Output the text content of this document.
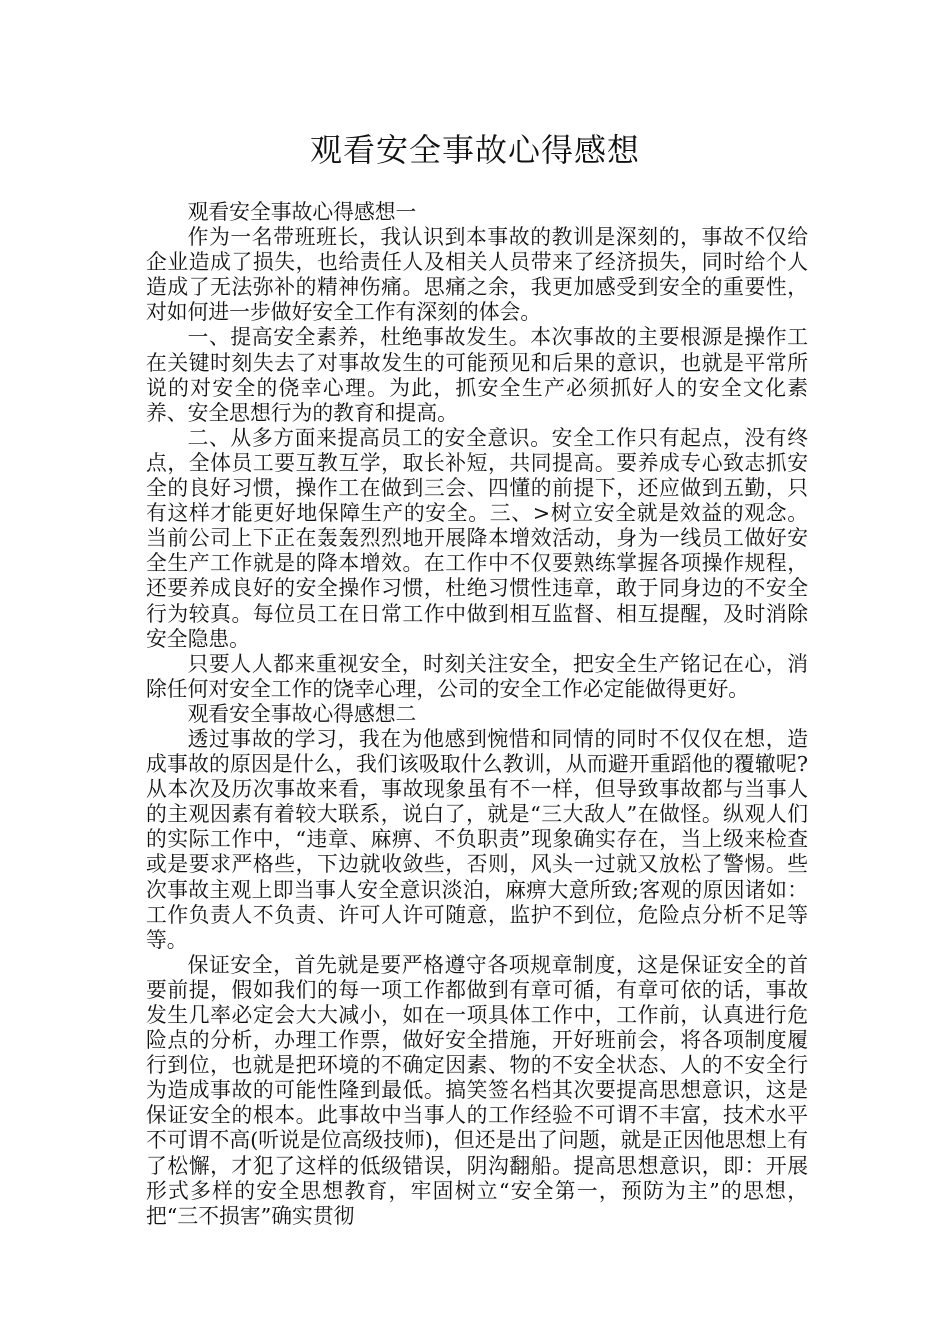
观看安全事故心得感想

观看安全事故心得感想一

作为一名带班班长，我认识到本事故的教训是深刻的，事故不仅给企业造成了损失，也给责任人及相关人员带来了经济损失，同时给个人造成了无法弥补的精神伤痛。思痛之余，我更加感受到安全的重要性，对如何进一步做好安全工作有深刻的体会。

一、提高安全素养，杜绝事故发生。本次事故的主要根源是操作工在关键时刻失去了对事故发生的可能预见和后果的意识，也就是平常所说的对安全的侥幸心理。为此，抓安全生产必须抓好人的安全文化素养、安全思想行为的教育和提高。

二、从多方面来提高员工的安全意识。安全工作只有起点，没有终点，全体员工要互教互学，取长补短，共同提高。要养成专心致志抓安全的良好习惯，操作工在做到三会、四懂的前提下，还应做到五勤，只有这样才能更好地保障生产的安全。三、>树立安全就是效益的观念。当前公司上下正在轰轰烈烈地开展降本增效活动，身为一线员工做好安全生产工作就是的降本增效。在工作中不仅要熟练掌握各项操作规程，还要养成良好的安全操作习惯，杜绝习惯性违章，敢于同身边的不安全行为较真。每位员工在日常工作中做到相互监督、相互提醒，及时消除安全隐患。

只要人人都来重视安全，时刻关注安全，把安全生产铭记在心，消除任何对安全工作的饶幸心理，公司的安全工作必定能做得更好。

观看安全事故心得感想二

透过事故的学习，我在为他感到惋惜和同情的同时不仅仅在想，造成事故的原因是什么，我们该吸取什么教训，从而避开重蹈他的覆辙呢?从本次及历次事故来看，事故现象虽有不一样，但导致事故都与当事人的主观因素有着较大联系，说白了，就是“三大敌人”在做怪。纵观人们的实际工作中，“违章、麻痹、不负职责”现象确实存在，当上级来检查或是要求严格些，下边就收敛些，否则，风头一过就又放松了警惕。些次事故主观上即当事人安全意识淡泊，麻痹大意所致;客观的原因诸如：工作负责人不负责、许可人许可随意，监护不到位，危险点分析不足等等。

保证安全，首先就是要严格遵守各项规章制度，这是保证安全的首要前提，假如我们的每一项工作都做到有章可循，有章可依的话，事故发生几率必定会大大减小，如在一项具体工作中，工作前，认真进行危险点的分析，办理工作票，做好安全措施，开好班前会，将各项制度履行到位，也就是把环境的不确定因素、物的不安全状态、人的不安全行为造成事故的可能性隆到最低。搞笑签名档其次要提高思想意识，这是保证安全的根本。此事故中当事人的工作经验不可谓不丰富，技术水平不可谓不高(听说是位高级技师)，但还是出了问题，就是正因他思想上有了松懈，才犯了这样的低级错误，阴沟翻船。提高思想意识，即：开展形式多样的安全思想教育，牢固树立“安全第一，预防为主”的思想，把“三不损害”确实贯彻
